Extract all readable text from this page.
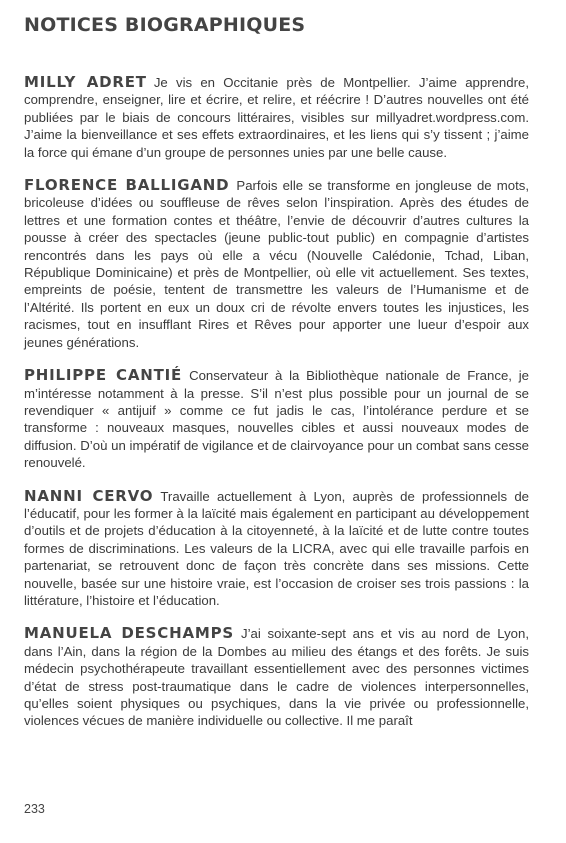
NOTICES BIOGRAPHIQUES

MILLY ADRET Je vis en Occitanie près de Montpellier. J’aime apprendre, comprendre, enseigner, lire et écrire, et relire, et réécrire ! D’autres nouvelles ont été publiées par le biais de concours littéraires, visibles sur millyadret.wordpress.com. J’aime la bienveillance et ses effets extraordinaires, et les liens qui s’y tissent ; j’aime la force qui émane d’un groupe de personnes unies par une belle cause.

FLORENCE BALLIGAND Parfois elle se transforme en jongleuse de mots, bricoleuse d’idées ou souffleuse de rêves selon l’inspiration. Après des études de lettres et une formation contes et théâtre, l’envie de découvrir d’autres cultures la pousse à créer des spectacles (jeune public-tout public) en compagnie d’artistes rencontrés dans les pays où elle a vécu (Nouvelle Calédonie, Tchad, Liban, République Dominicaine) et près de Montpellier, où elle vit actuellement. Ses textes, empreints de poésie, tentent de transmettre les valeurs de l’Humanisme et de l’Altérité. Ils portent en eux un doux cri de révolte envers toutes les injustices, les racismes, tout en insufflant Rires et Rêves pour apporter une lueur d’espoir aux jeunes générations.

PHILIPPE CANTIÉ Conservateur à la Bibliothèque nationale de France, je m’intéresse notamment à la presse. S’il n’est plus possible pour un journal de se revendiquer « antijuif » comme ce fut jadis le cas, l’intolérance perdure et se transforme : nouveaux masques, nouvelles cibles et aussi nouveaux modes de diffusion. D’où un impératif de vigilance et de clairvoyance pour un combat sans cesse renouvelé.

NANNI CERVO Travaille actuellement à Lyon, auprès de professionnels de l’éducatif, pour les former à la laïcité mais également en participant au développement d’outils et de projets d’éducation à la citoyenneté, à la laïcité et de lutte contre toutes formes de discriminations. Les valeurs de la LICRA, avec qui elle travaille parfois en partenariat, se retrouvent donc de façon très concrète dans ses missions. Cette nouvelle, basée sur une histoire vraie, est l’occasion de croiser ses trois passions : la littérature, l’histoire et l’éducation.

MANUELA DESCHAMPS J’ai soixante-sept ans et vis au nord de Lyon, dans l’Ain, dans la région de la Dombes au milieu des étangs et des forêts. Je suis médecin psychothérapeute travaillant essentiellement avec des personnes victimes d’état de stress post-traumatique dans le cadre de violences interpersonnelles, qu’elles soient physiques ou psychiques, dans la vie privée ou professionnelle, violences vécues de manière individuelle ou collective. Il me paraît

233
